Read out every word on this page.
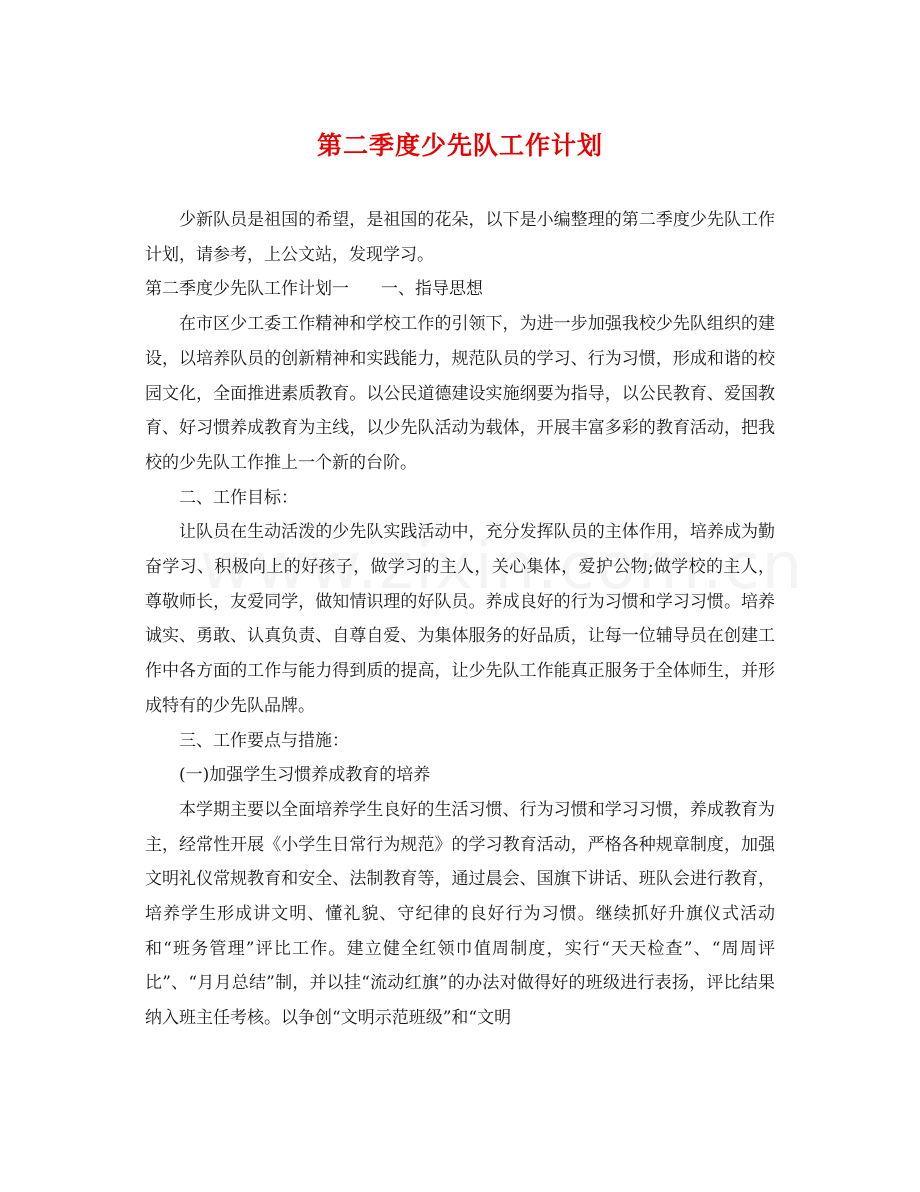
第二季度少先队工作计划

少新队员是祖国的希望，是祖国的花朵，以下是小编整理的第二季度少先队工作计划，请参考，上公文站，发现学习。

第二季度少先队工作计划一 一、指导思想

在市区少工委工作精神和学校工作的引领下，为进一步加强我校少先队组织的建设，以培养队员的创新精神和实践能力，规范队员的学习、行为习惯，形成和谐的校园文化，全面推进素质教育。以公民道德建设实施纲要为指导，以公民教育、爱国教育、好习惯养成教育为主线，以少先队活动为载体，开展丰富多彩的教育活动，把我校的少先队工作推上一个新的台阶。

二、工作目标：

让队员在生动活泼的少先队实践活动中，充分发挥队员的主体作用，培养成为勤奋学习、积极向上的好孩子，做学习的主人，关心集体，爱护公物;做学校的主人，尊敬师长，友爱同学，做知情识理的好队员。养成良好的行为习惯和学习习惯。培养诚实、勇敢、认真负责、自尊自爱、为集体服务的好品质，让每一位辅导员在创建工作中各方面的工作与能力得到质的提高，让少先队工作能真正服务于全体师生，并形成特有的少先队品牌。

三、工作要点与措施：

(一)加强学生习惯养成教育的培养

本学期主要以全面培养学生良好的生活习惯、行为习惯和学习习惯，养成教育为主，经常性开展《小学生日常行为规范》的学习教育活动，严格各种规章制度，加强文明礼仪常规教育和安全、法制教育等，通过晨会、国旗下讲话、班队会进行教育，培养学生形成讲文明、懂礼貌、守纪律的良好行为习惯。继续抓好升旗仪式活动和“班务管理”评比工作。建立健全红领巾值周制度，实行“天天检查”、“周周评比”、“月月总结”制，并以挂“流动红旗”的办法对做得好的班级进行表扬，评比结果纳入班主任考核。以争创“文明示范班级”和“文明
